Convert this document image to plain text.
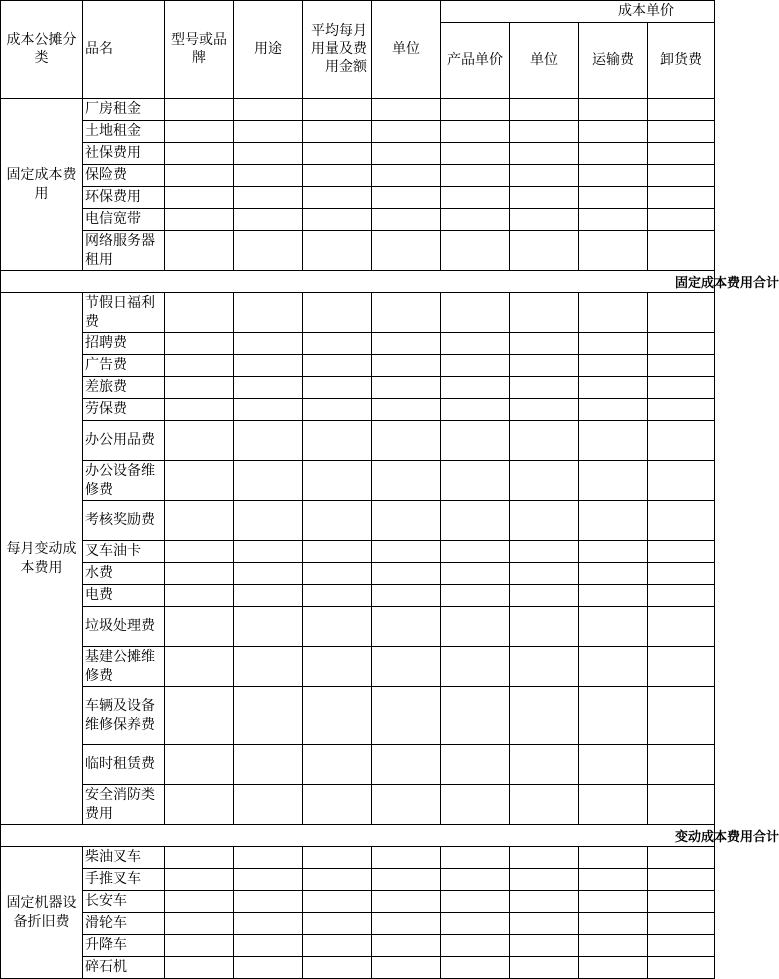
成本公摊分类	品名	型号或品牌	用途	平均每月用量及费用金额	单位	成本单价			
						产品单价	单位	运输费	卸货费
固定成本费用	厂房租金								
	土地租金								
	社保费用								
	保险费								
	环保费用								
	电信宽带								
	网络服务器租用								

固定成本费用合计									

每月变动成本费用	节假日福利费								
	招聘费								
	广告费								
	差旅费								
	劳保费								
	办公用品费								
	办公设备维修费								
	考核奖励费								
	叉车油卡								
	水费								
	电费								
	垃圾处理费								
	基建公摊维修费								
	车辆及设备维修保养费								
	临时租赁费								
	安全消防类费用								

变动成本费用合计									

固定机器设备折旧费	柴油叉车								
	手推叉车								
	长安车								
	滑轮车								
	升降车								
	碎石机								
